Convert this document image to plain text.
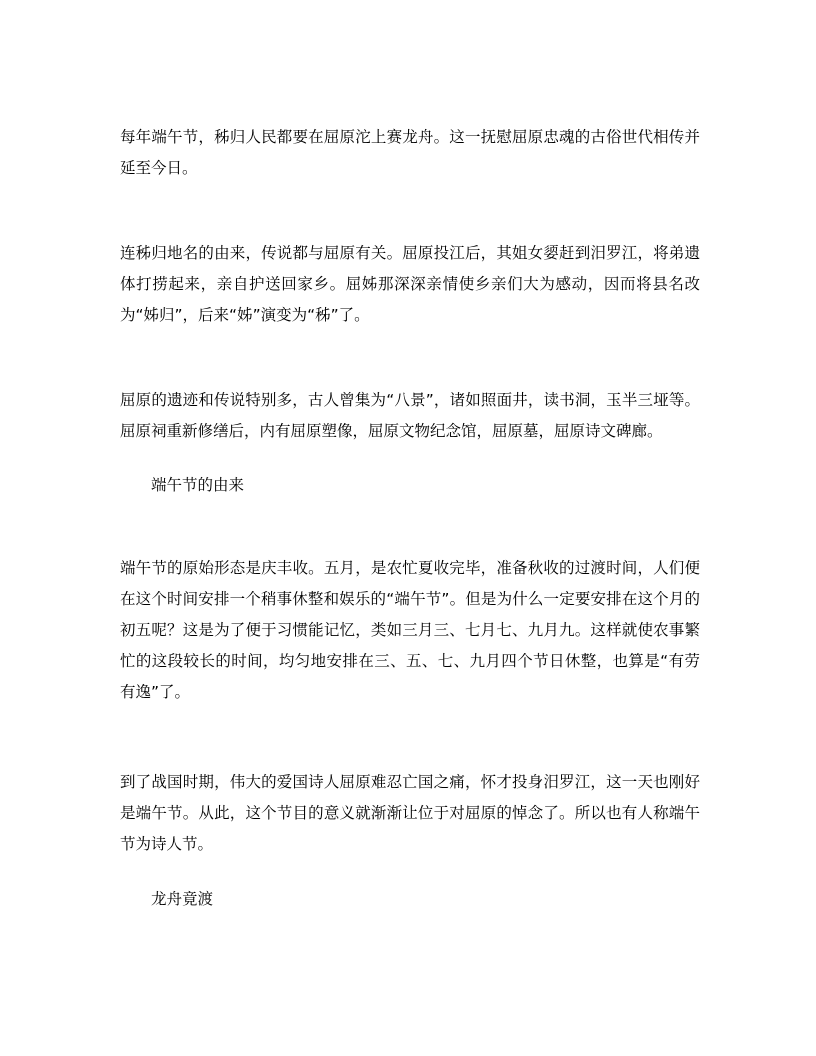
每年端午节，秭归人民都要在屈原沱上赛龙舟。这一抚慰屈原忠魂的古俗世代相传并延至今日。

连秭归地名的由来，传说都与屈原有关。屈原投江后，其姐女媭赶到汨罗江，将弟遗体打捞起来，亲自护送回家乡。屈姊那深深亲情使乡亲们大为感动，因而将县名改为“姊归”，后来“姊”演变为“秭”了。

屈原的遗迹和传说特别多，古人曾集为“八景”，诸如照面井，读书洞，玉半三垭等。屈原祠重新修缮后，内有屈原塑像，屈原文物纪念馆，屈原墓，屈原诗文碑廊。

端午节的由来

端午节的原始形态是庆丰收。五月，是农忙夏收完毕，准备秋收的过渡时间，人们便在这个时间安排一个稍事休整和娱乐的“端午节”。但是为什么一定要安排在这个月的初五呢？这是为了便于习惯能记忆，类如三月三、七月七、九月九。这样就使农事繁忙的这段较长的时间，均匀地安排在三、五、七、九月四个节日休整，也算是“有劳有逸”了。

到了战国时期，伟大的爱国诗人屈原难忍亡国之痛，怀才投身汨罗江，这一天也刚好是端午节。从此，这个节目的意义就渐渐让位于对屈原的悼念了。所以也有人称端午节为诗人节。

龙舟竟渡
